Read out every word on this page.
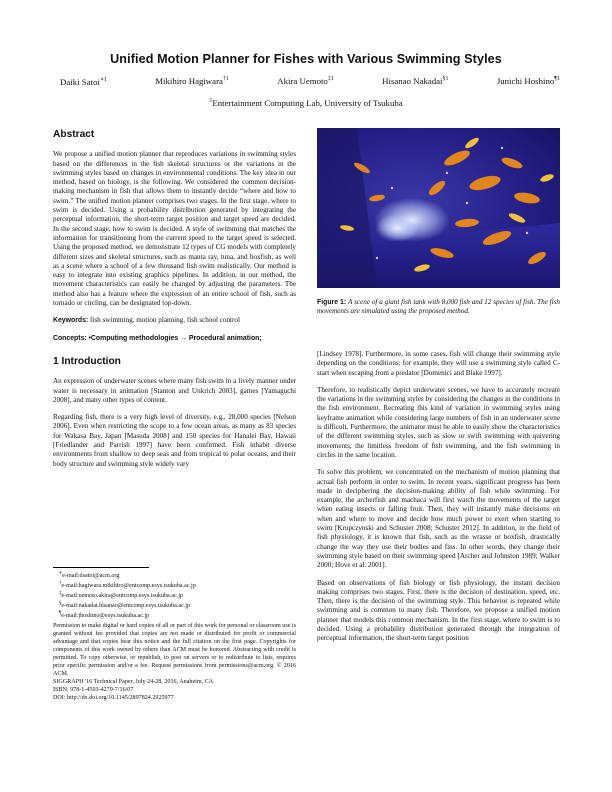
Unified Motion Planner for Fishes with Various Swimming Styles
Daiki Satoi$^{∗1}$	Mikihiro Hagiwara$^{\dagger 1}$	Akira Uemoto$^{\ddagger 1}$	Hisanao Nakadai$^{\S 1}$	Junichi Hoshino$^{\P 1}$
$^1$Entertainment Computing Lab, University of Tsukuba
Abstract

We propose a unified motion planner that reproduces variations in swimming styles based on the differences in the fish skeletal structures or the variations in the swimming styles based on changes in environmental conditions. The key idea in our method, based on biology, is the following. We considered the common decision-making mechanism in fish that allows them to instantly decide “where and how to swim.” The unified motion planner comprises two stages. In the first stage, where to swim is decided. Using a probability distribution generated by integrating the perceptual information, the short-term target position and target speed are decided. In the second stage, how to swim is decided. A style of swimming that matches the information for transitioning from the current speed to the target speed is selected. Using the proposed method, we demonstrate 12 types of CG models with completely different sizes and skeletal structures, such as manta ray, tuna, and boxfish, as well as a scene where a school of a few thousand fish swim realistically. Our method is easy to integrate into existing graphics pipelines. In addition, in our method, the movement characteristics can easily be changed by adjusting the parameters. The method also has a feature where the expression of an entire school of fish, such as tornado or circling, can be designated top-down.

Keywords: fish swimming, motion planning, fish school control

Concepts: •Computing methodologies → Procedural animation;

1 Introduction

An expression of underwater scenes where many fish swim in a lively manner under water is necessary in animation [Stanton and Unkrich 2003], games [Yamaguchi 2008], and many other types of content.

Regarding fish, there is a very high level of diversity, e.g., 28,000 species [Nelson 2006]. Even when restricting the scope to a few ocean areas, as many as 83 species for Wakasa Bay, Japan [Masuda 2008] and 150 species for Hanalei Bay, Hawaii [Friedlander and Parrish 1997] have been confirmed. Fish inhabit diverse environments from shallow to deep seas and from tropical to polar oceans, and their body structure and swimming style widely vary

∗e-mail:dsatoi@acm.org
†e-mail:hagiwara.mikihiro@entcomp.esys.tsukuba.ac.jp
‡e-mail:uemoto.akira@entcomp.esys.tsukuba.ac.jp
§e-mail:nakadai.hisanao@entcomp.esys.tsukuba.ac.jp
¶e-mail:jhoshino@esys.tsukuba.ac.jp
Permission to make digital or hard copies of all or part of this work for personal or classroom use is granted without fee provided that copies are not made or distributed for profit or commercial advantage and that copies bear this notice and the full citation on the first page. Copyrights for components of this work owned by others than ACM must be honored. Abstracting with credit is permitted. To copy otherwise, or republish, to post on servers or to redistribute to lists, requires prior specific permission and/or a fee. Request permissions from permissions@acm.org. © 2016 ACM.
SIGGRAPH '16 Technical Paper, July 24-28, 2016, Anaheim, CA
ISBN: 978-1-4503-4279-7/16/07
DOI: http://dx.doi.org/10.1145/2897824.2925977
Figure 1: A scene of a giant fish tank with 8,000 fish and 12 species of fish. The fish movements are simulated using the proposed method.

[Lindsey 1978]. Furthermore, in some cases, fish will change their swimming style depending on the conditions; for example, they will use a swimming style called C-start when escaping from a predator [Domenici and Blake 1997].

Therefore, to realistically depict underwater scenes, we have to accurately recreate the variations in the swimming styles by considering the changes in the conditions in the fish environment. Recreating this kind of variation in swimming styles using keyframe animation while considering large numbers of fish in an underwater scene is difficult. Furthermore, the animator must be able to easily show the characteristics of the different swimming styles, such as slow or swift swimming with quivering movements, the limitless freedom of fish swimming, and the fish swimming in circles in the same location.

To solve this problem, we concentrated on the mechanism of motion planning that actual fish perform in order to swim. In recent years, significant progress has been made in deciphering the decision-making ability of fish while swimming. For example, the archerfish and machaca will first watch the movements of the target when eating insects or falling fruit. Then, they will instantly make decisions on when and where to move and decide how much power to exert when starting to swim [Krupczynski and Schuster 2008; Schuster 2012]. In addition, in the field of fish physiology, it is known that fish, such as the wrasse or boxfish, drastically change the way they use their bodies and fins. In other words, they change their swimming style based on their swimming speed [Archer and Johnston 1989; Walker 2000; Hove et al. 2001].

Based on observations of fish biology or fish physiology, the instant decision making comprises two stages. First, there is the decision of destination, speed, etc. Then, there is the decision of the swimming style. This behavior is repeated while swimming and is common to many fish. Therefore, we propose a unified motion planner that models this common mechanism. In the first stage, where to swim is to decided. Using a probability distribution generated through the integration of perceptual information, the short-term target position
